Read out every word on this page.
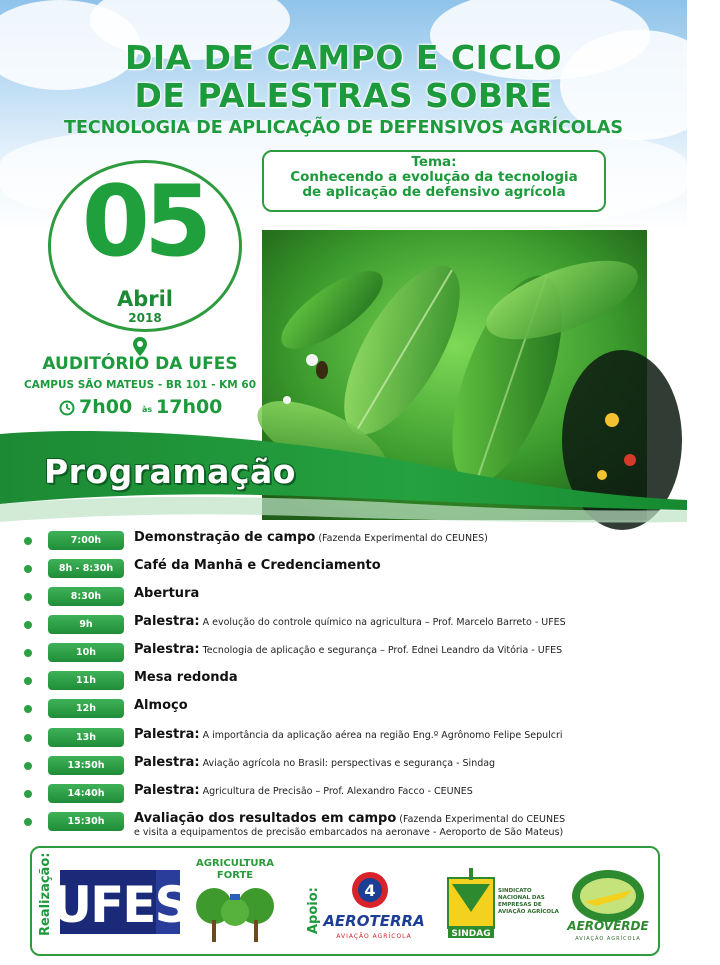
DIA DE CAMPO E CICLO
DE PALESTRAS SOBRE
TECNOLOGIA DE APLICAÇÃO DE DEFENSIVOS AGRÍCOLAS
Tema:
Conhecendo a evolução da tecnologia de aplicação de defensivo agrícola
05
Abril
2018
AUDITÓRIO DA UFES
CAMPUS SÃO MATEUS - BR 101 - KM 60
7h00 às 17h00
Programação
7:00h	Demonstração de campo (Fazenda Experimental do CEUNES)
8h - 8:30h	Café da Manhã e Credenciamento
8:30h	Abertura
9h	Palestra: A evolução do controle químico na agricultura – Prof. Marcelo Barreto - UFES
10h	Palestra: Tecnologia de aplicação e segurança – Prof. Ednei Leandro da Vitória - UFES
11h	Mesa redonda
12h	Almoço
13h	Palestra: A importância da aplicação aérea na região Eng.º Agrônomo Felipe Sepulcri
13:50h	Palestra: Aviação agrícola no Brasil: perspectivas e segurança - Sindag
14:40h	Palestra: Agricultura de Precisão – Prof. Alexandro Facco - CEUNES
15:30h	Avaliação dos resultados em campo (Fazenda Experimental do CEUNES
e visita a equipamentos de precisão embarcados na aeronave - Aeroporto de São Mateus)
Realização:	Apoio:
UFES
AGRICULTURA
FORTE
4
AEROTERRA
AVIAÇÃO AGRÍCOLA	SINDAG
SINDICATO NACIONAL DAS EMPRESAS DE AVIAÇÃO AGRÍCOLA
AEROVERDE
AVIAÇÃO AGRÍCOLA
